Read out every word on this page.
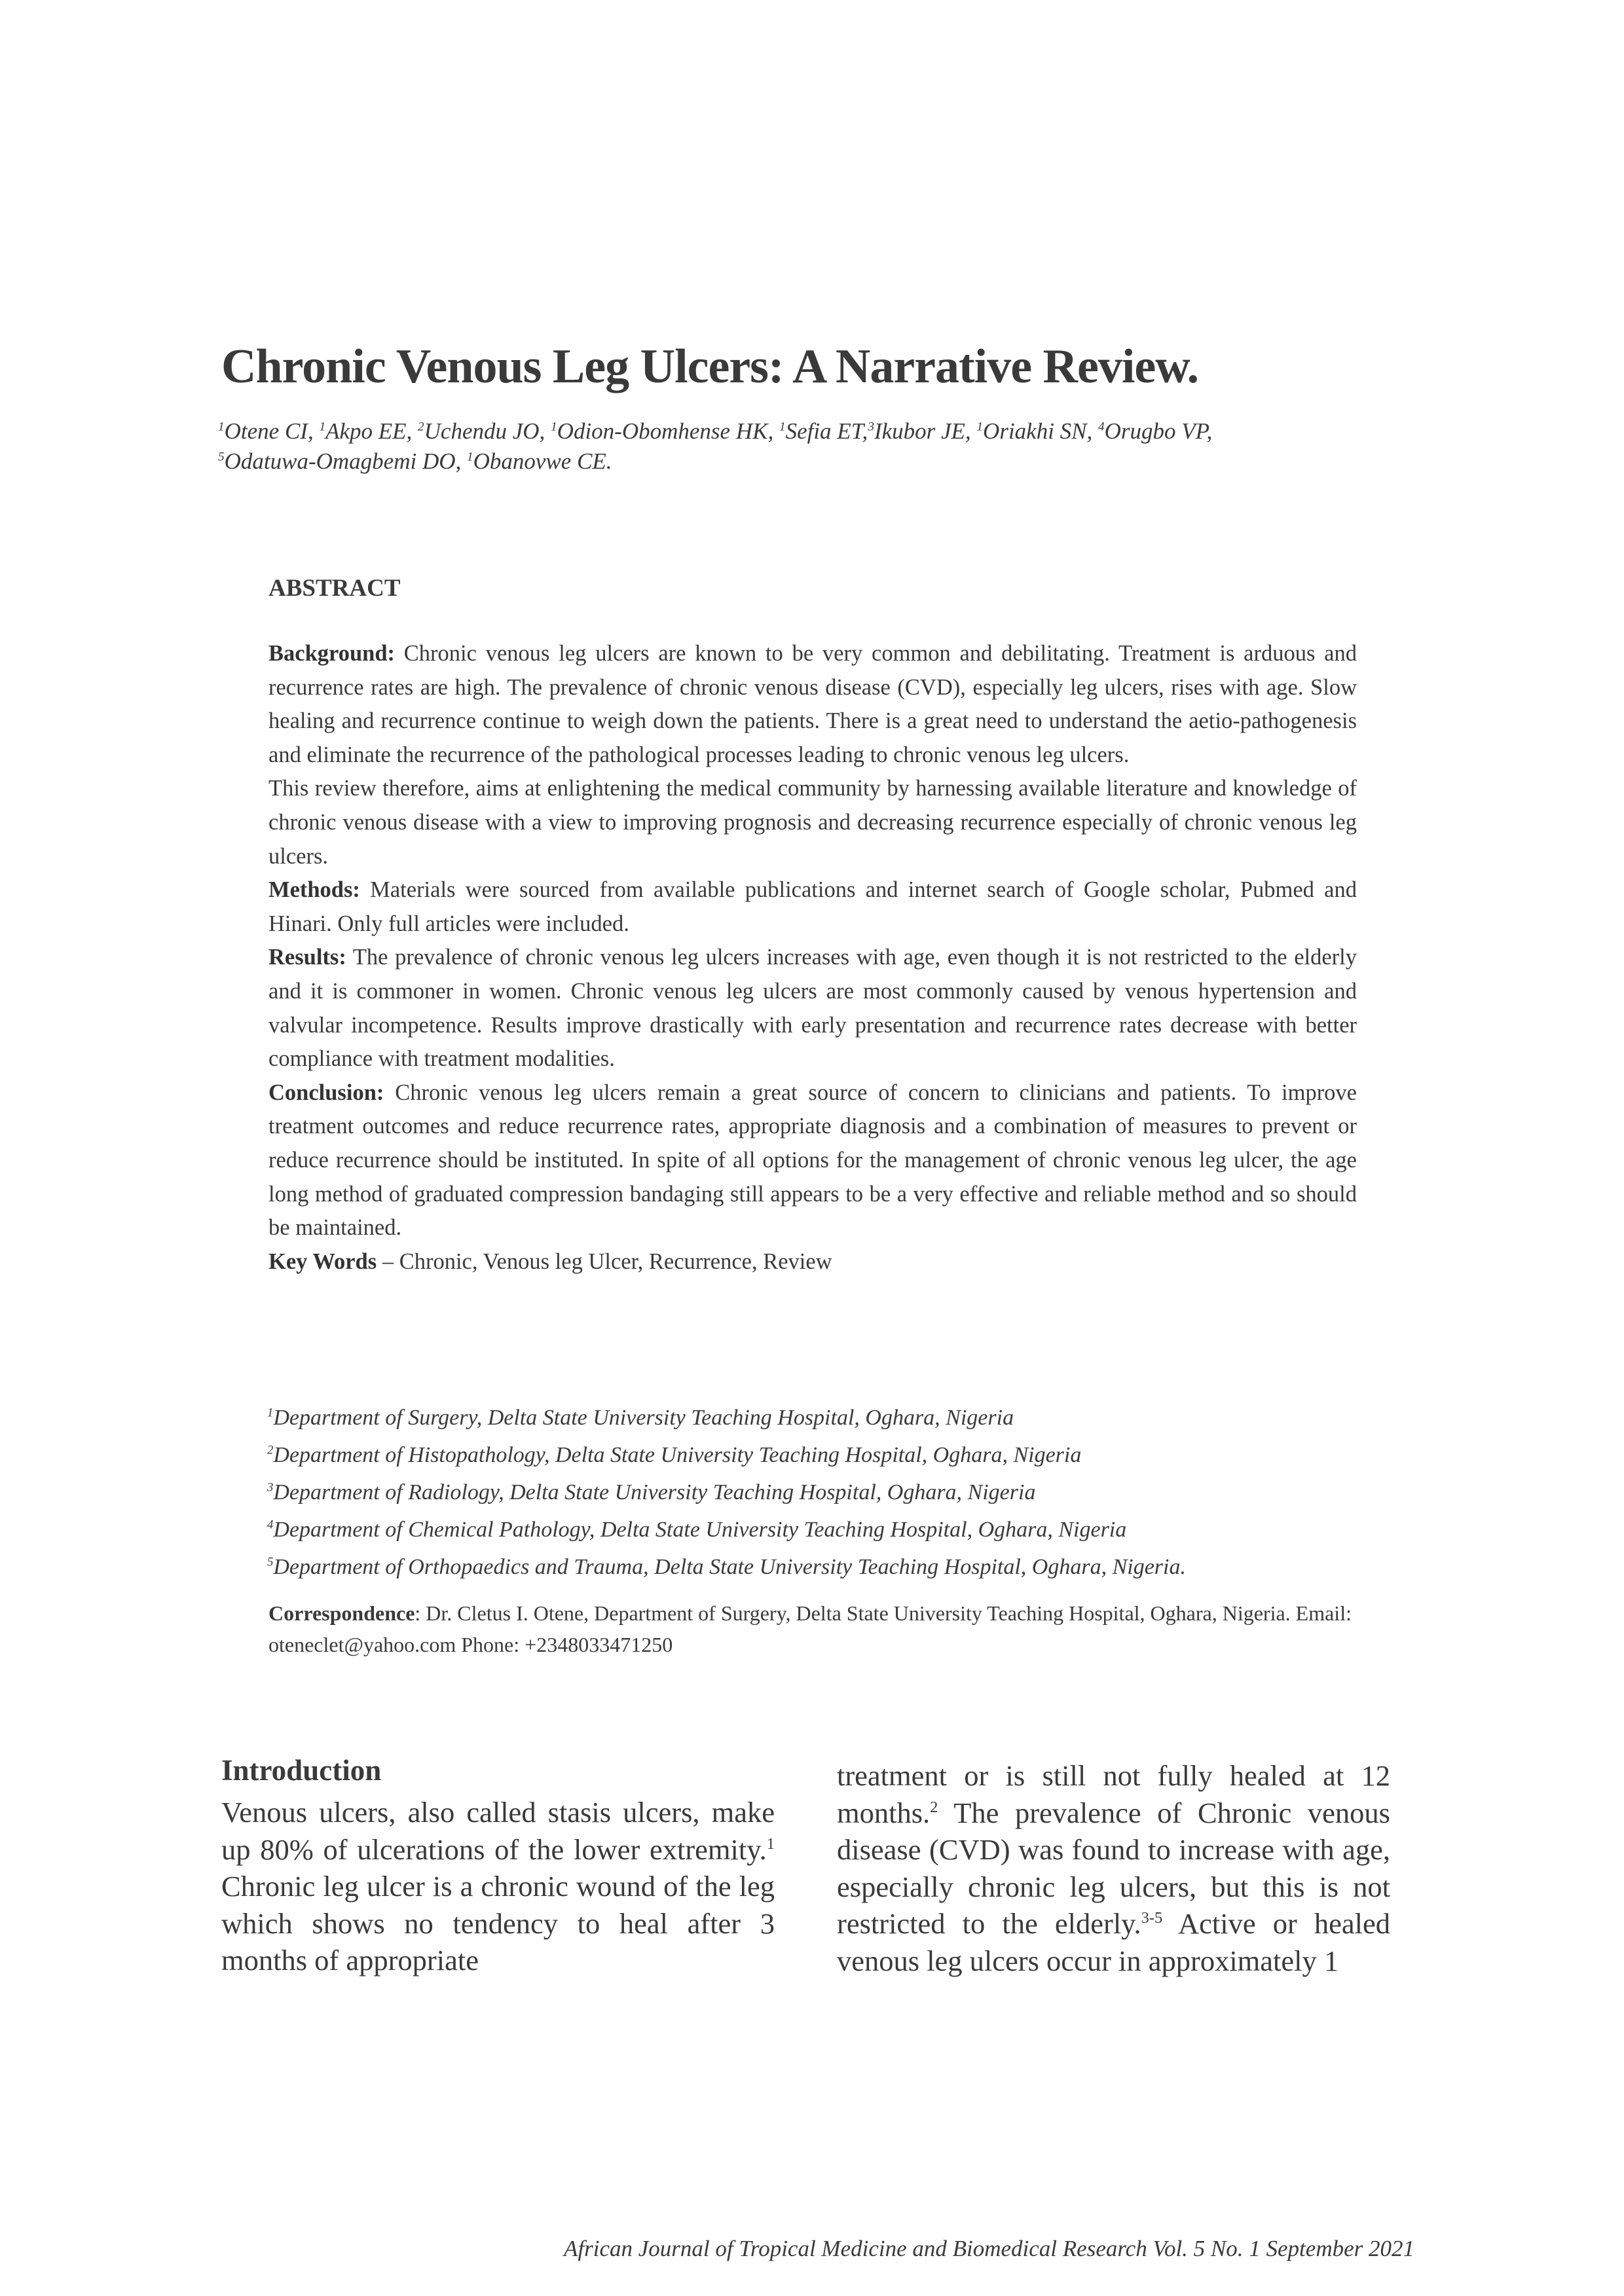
Chronic Venous Leg Ulcers: A Narrative Review.
$^1$Otene CI, $^1$Akpo EE, $^2$Uchendu JO, $^1$Odion-Obomhense HK, $^1$Sefia ET,$^3$Ikubor JE, $^1$Oriakhi SN, $^4$Orugbo VP,
$^5$Odatuwa-Omagbemi DO, $^1$Obanovwe CE.
ABSTRACT

Background: Chronic venous leg ulcers are known to be very common and debilitating. Treatment is arduous and recurrence rates are high. The prevalence of chronic venous disease (CVD), especially leg ulcers, rises with age. Slow healing and recurrence continue to weigh down the patients. There is a great need to understand the aetio-pathogenesis and eliminate the recurrence of the pathological processes leading to chronic venous leg ulcers.

This review therefore, aims at enlightening the medical community by harnessing available literature and knowledge of chronic venous disease with a view to improving prognosis and decreasing recurrence especially of chronic venous leg ulcers.

Methods: Materials were sourced from available publications and internet search of Google scholar, Pubmed and Hinari. Only full articles were included.

Results: The prevalence of chronic venous leg ulcers increases with age, even though it is not restricted to the elderly and it is commoner in women. Chronic venous leg ulcers are most commonly caused by venous hypertension and valvular incompetence. Results improve drastically with early presentation and recurrence rates decrease with better compliance with treatment modalities.

Conclusion: Chronic venous leg ulcers remain a great source of concern to clinicians and patients. To improve treatment outcomes and reduce recurrence rates, appropriate diagnosis and a combination of measures to prevent or reduce recurrence should be instituted. In spite of all options for the management of chronic venous leg ulcer, the age long method of graduated compression bandaging still appears to be a very effective and reliable method and so should be maintained.

Key Words – Chronic, Venous leg Ulcer, Recurrence, Review

$^1$Department of Surgery, Delta State University Teaching Hospital, Oghara, Nigeria
$^2$Department of Histopathology, Delta State University Teaching Hospital, Oghara, Nigeria
$^3$Department of Radiology, Delta State University Teaching Hospital, Oghara, Nigeria
$^4$Department of Chemical Pathology, Delta State University Teaching Hospital, Oghara, Nigeria
$^5$Department of Orthopaedics and Trauma, Delta State University Teaching Hospital, Oghara, Nigeria.
Correspondence: Dr. Cletus I. Otene, Department of Surgery, Delta State University Teaching Hospital, Oghara, Nigeria. Email: oteneclet@yahoo.com Phone: +2348033471250
Introduction
Venous ulcers, also called stasis ulcers, make up 80% of ulcerations of the lower extremity.$^1$ Chronic leg ulcer is a chronic wound of the leg which shows no tendency to heal after 3 months of appropriate
treatment or is still not fully healed at 12 months.$^2$ The prevalence of Chronic venous disease (CVD) was found to increase with age, especially chronic leg ulcers, but this is not restricted to the elderly.$^{3-5}$ Active or healed venous leg ulcers occur in approximately 1
African Journal of Tropical Medicine and Biomedical Research Vol. 5 No. 1 September 2021
